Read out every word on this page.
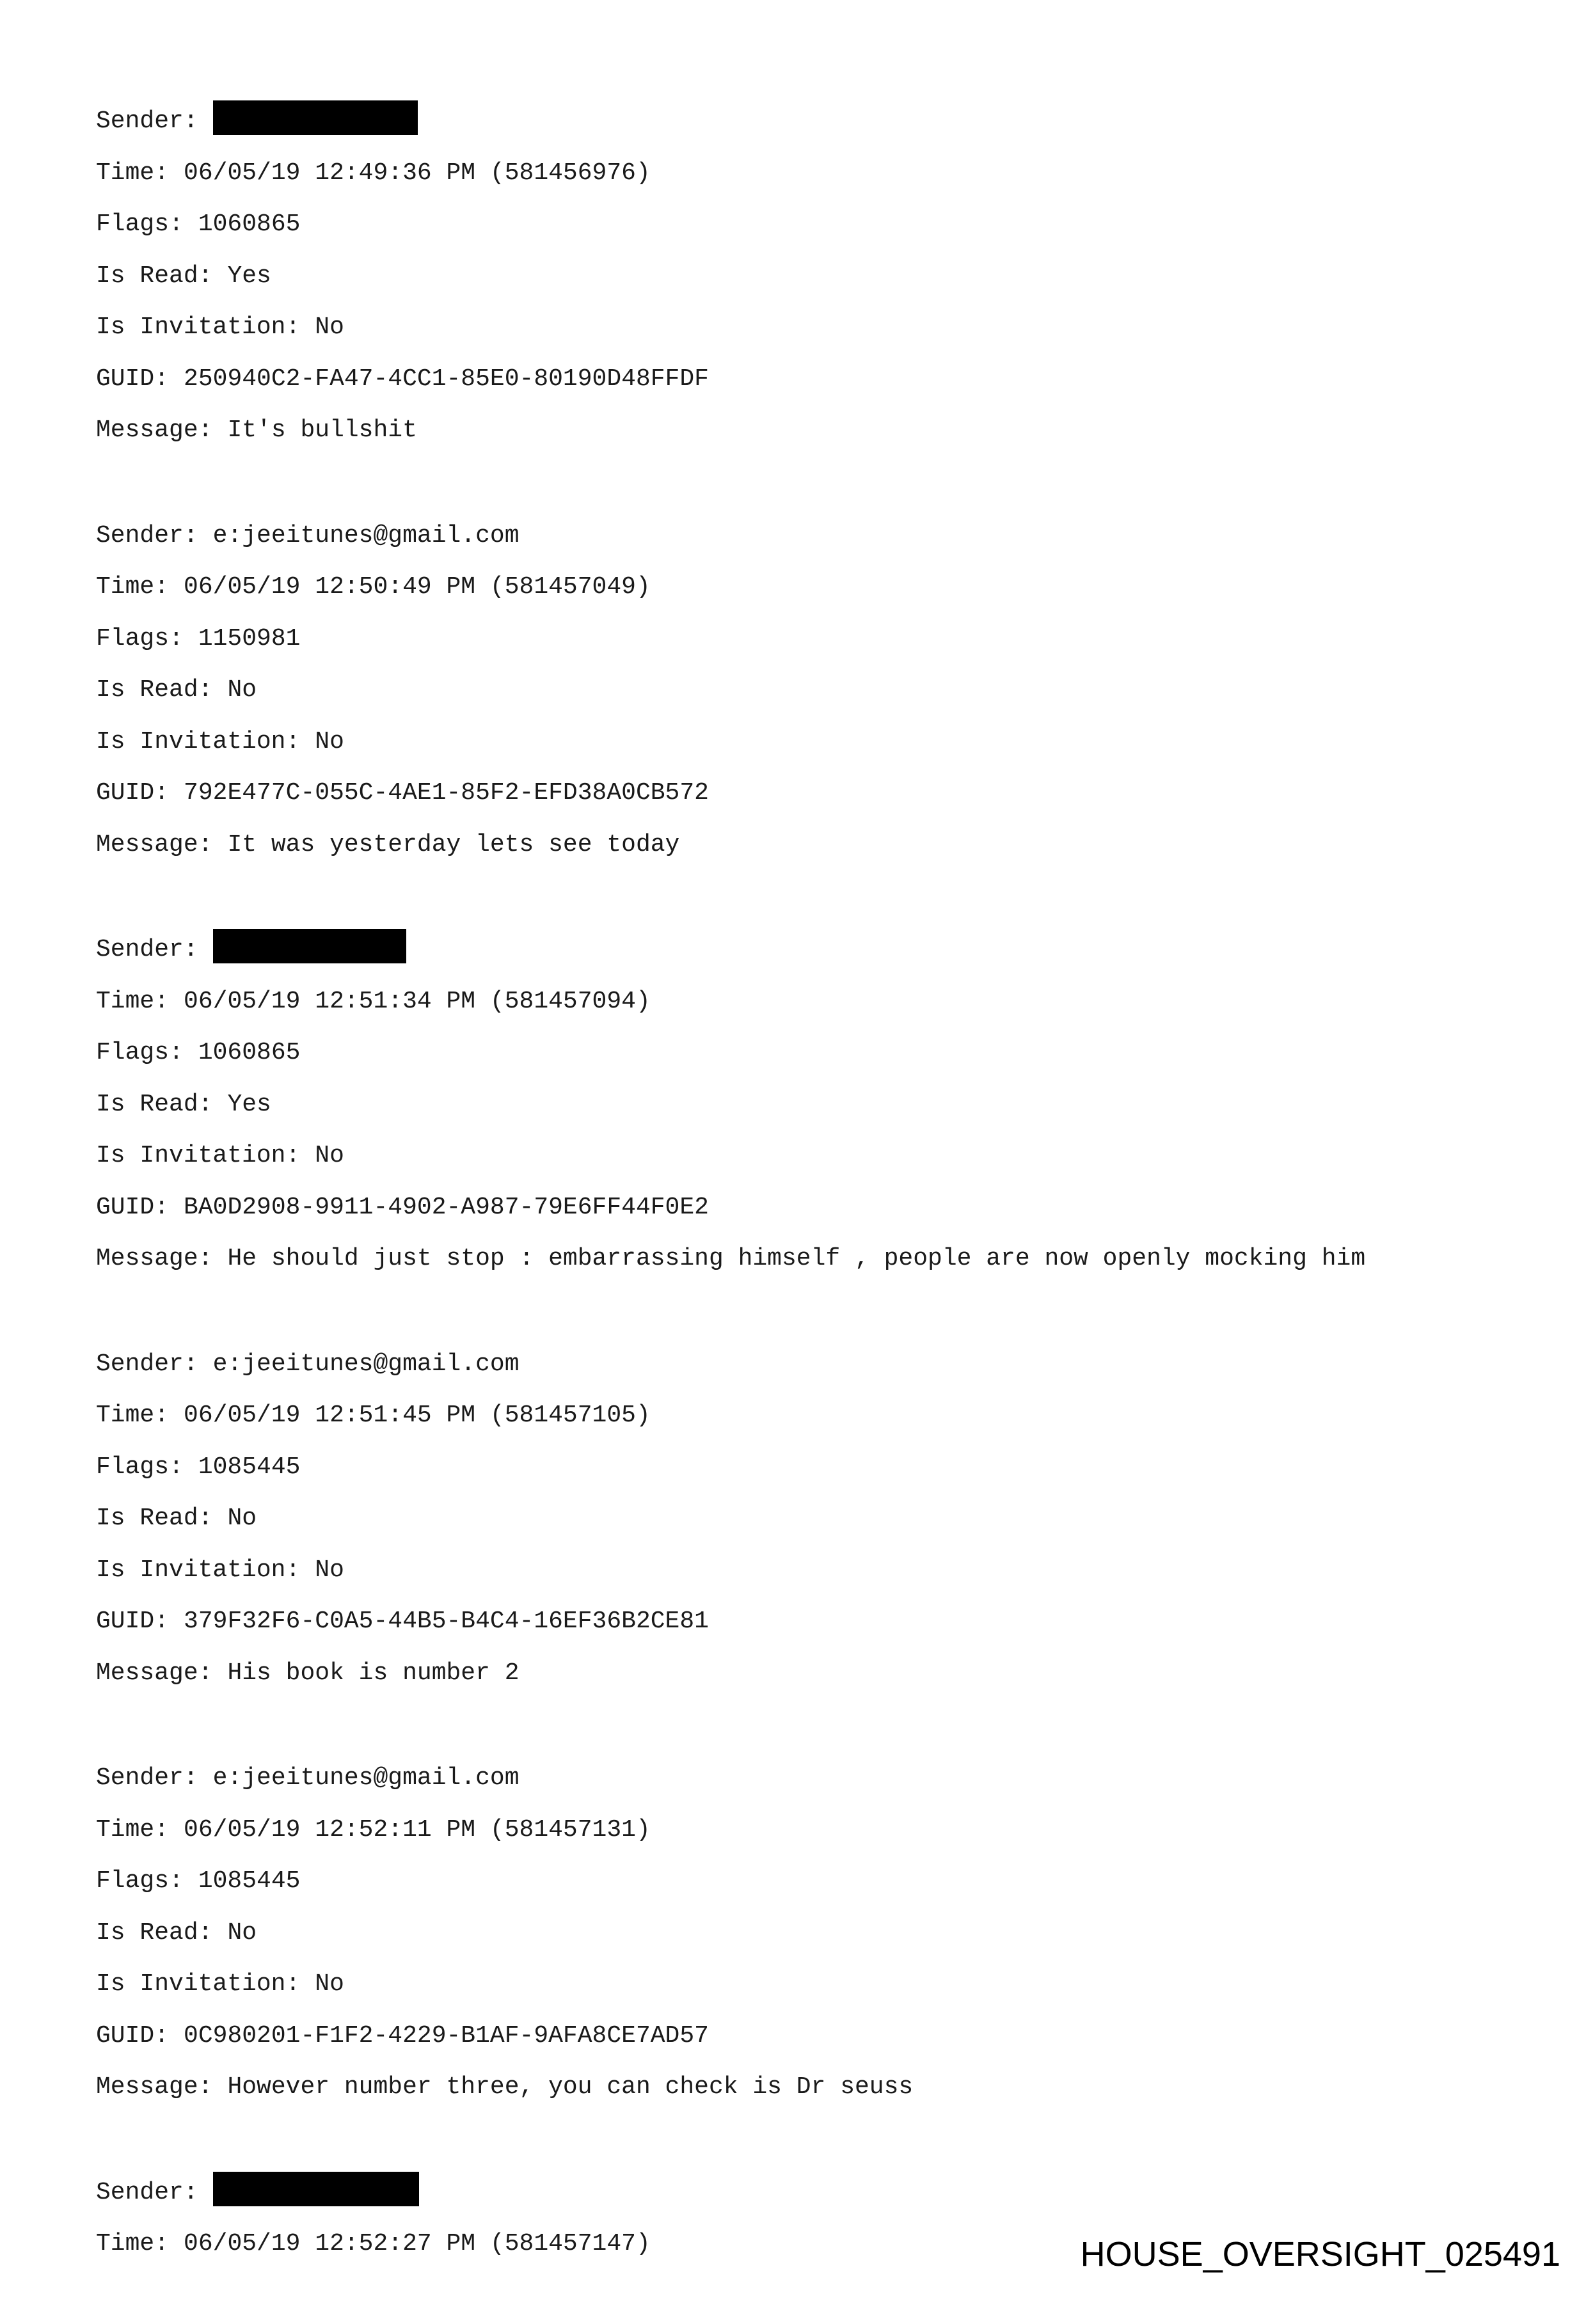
Sender:
Time: 06/05/19 12:49:36 PM (581456976)
Flags: 1060865
Is Read: Yes
Is Invitation: No
GUID: 250940C2-FA47-4CC1-85E0-80190D48FFDF
Message: It's bullshit
Sender: e:jeeitunes@gmail.com
Time: 06/05/19 12:50:49 PM (581457049)
Flags: 1150981
Is Read: No
Is Invitation: No
GUID: 792E477C-055C-4AE1-85F2-EFD38A0CB572
Message: It was yesterday lets see today
Sender:
Time: 06/05/19 12:51:34 PM (581457094)
Flags: 1060865
Is Read: Yes
Is Invitation: No
GUID: BA0D2908-9911-4902-A987-79E6FF44F0E2
Message: He should just stop : embarrassing himself , people are now openly mocking him
Sender: e:jeeitunes@gmail.com
Time: 06/05/19 12:51:45 PM (581457105)
Flags: 1085445
Is Read: No
Is Invitation: No
GUID: 379F32F6-C0A5-44B5-B4C4-16EF36B2CE81
Message: His book is number 2
Sender: e:jeeitunes@gmail.com
Time: 06/05/19 12:52:11 PM (581457131)
Flags: 1085445
Is Read: No
Is Invitation: No
GUID: 0C980201-F1F2-4229-B1AF-9AFA8CE7AD57
Message: However number three, you can check is Dr seuss
Sender:
Time: 06/05/19 12:52:27 PM (581457147)	HOUSE_OVERSIGHT_025491
